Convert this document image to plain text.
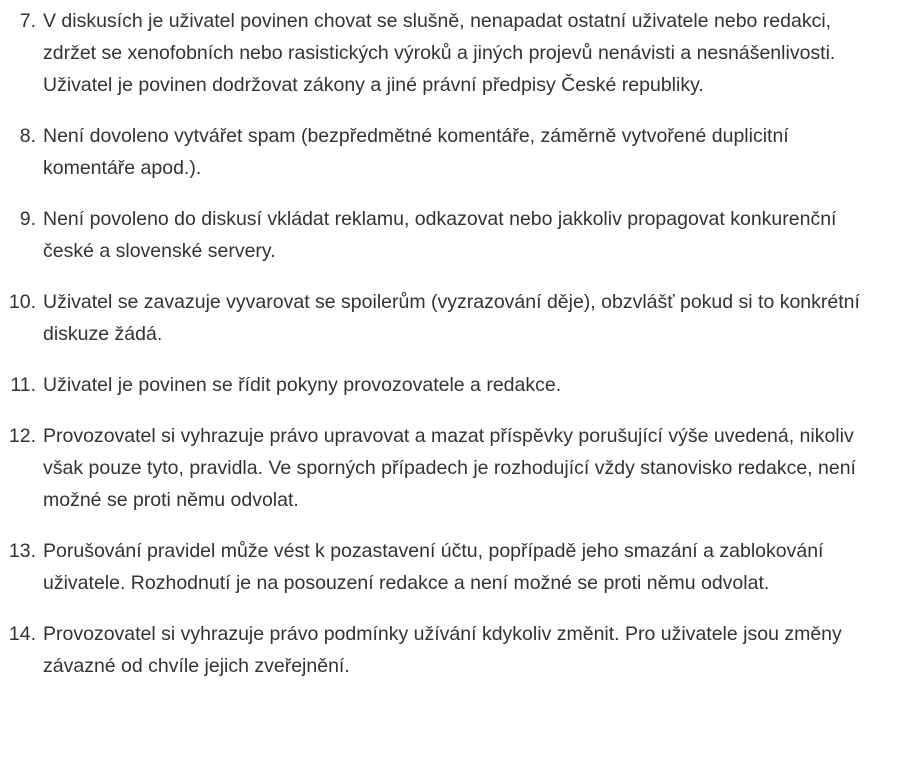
7. V diskusích je uživatel povinen chovat se slušně, nenapadat ostatní uživatele nebo redakci, zdržet se xenofobních nebo rasistických výroků a jiných projevů nenávisti a nesnášenlivosti. Uživatel je povinen dodržovat zákony a jiné právní předpisy České republiky.
8. Není dovoleno vytvářet spam (bezpředmětné komentáře, záměrně vytvořené duplicitní komentáře apod.).
9. Není povoleno do diskusí vkládat reklamu, odkazovat nebo jakkoliv propagovat konkurenční české a slovenské servery.
10. Uživatel se zavazuje vyvarovat se spoilerům (vyzrazování děje), obzvlášť pokud si to konkrétní diskuze žádá.
11. Uživatel je povinen se řídit pokyny provozovatele a redakce.
12. Provozovatel si vyhrazuje právo upravovat a mazat příspěvky porušující výše uvedená, nikoliv však pouze tyto, pravidla. Ve sporných případech je rozhodující vždy stanovisko redakce, není možné se proti němu odvolat.
13. Porušování pravidel může vést k pozastavení účtu, popřípadě jeho smazání a zablokování uživatele. Rozhodnutí je na posouzení redakce a není možné se proti němu odvolat.
14. Provozovatel si vyhrazuje právo podmínky užívání kdykoliv změnit. Pro uživatele jsou změny závazné od chvíle jejich zveřejnění.
